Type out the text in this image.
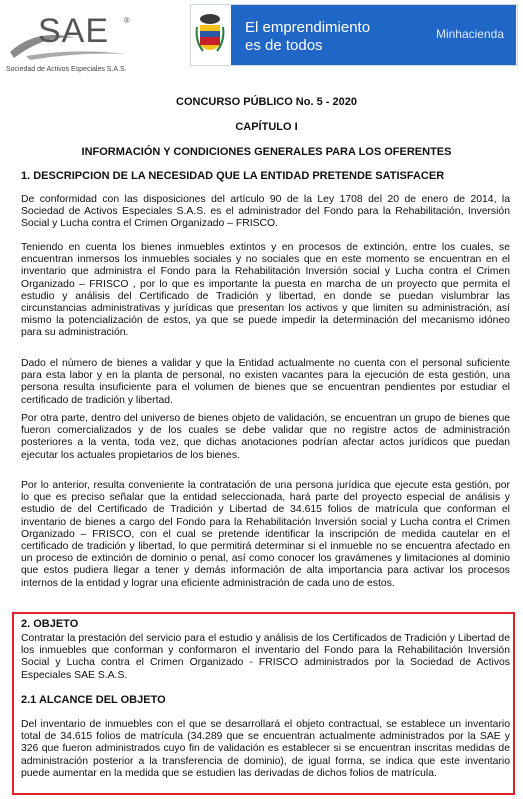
SAE ®
Sociedad de Activos Especiales S.A.S.
El emprendimiento
es de todos
Minhacienda
CONCURSO PÚBLICO No. 5 - 2020
CAPÍTULO I
INFORMACIÓN Y CONDICIONES GENERALES PARA LOS OFERENTES
1. DESCRIPCION DE LA NECESIDAD QUE LA ENTIDAD PRETENDE SATISFACER
De conformidad con las disposiciones del artículo 90 de la Ley 1708 del 20 de enero de 2014, la Sociedad de Activos Especiales S.A.S. es el administrador del Fondo para la Rehabilitación, Inversión Social y Lucha contra el Crimen Organizado – FRISCO.
Teniendo en cuenta los bienes inmuebles extintos y en procesos de extinción, entre los cuales, se encuentran inmersos los inmuebles sociales y no sociales que en este momento se encuentran en el inventario que administra el Fondo para la Rehabilitación Inversión social y Lucha contra el Crimen Organizado – FRISCO , por lo que es importante la puesta en marcha de un proyecto que permita el estudio y análisis del Certificado de Tradición y libertad, en donde se puedan vislumbrar las circunstancias administrativas y jurídicas que presentan los activos y que limiten su administración, así mismo la potencialización de estos, ya que se puede impedir la determinación del mecanismo idóneo para su administración.
Dado el número de bienes a validar y que la Entidad actualmente no cuenta con el personal suficiente para esta labor y en la planta de personal, no existen vacantes para la ejecución de esta gestión, una persona resulta insuficiente para el volumen de bienes que se encuentran pendientes por estudiar el certificado de tradición y libertad.
Por otra parte, dentro del universo de bienes objeto de validación, se encuentran un grupo de bienes que fueron comercializados y de los cuales se debe validar que no registre actos de administración posteriores a la venta, toda vez, que dichas anotaciones podrían afectar actos jurídicos que puedan ejecutar los actuales propietarios de los bienes.
Por lo anterior, resulta conveniente la contratación de una persona jurídica que ejecute esta gestión, por lo que es preciso señalar que la entidad seleccionada, hará parte del proyecto especial de análisis y estudio de del Certificado de Tradición y Libertad de 34.615 folios de matrícula que conforman el inventario de bienes a cargo del Fondo para la Rehabilitación Inversión social y Lucha contra el Crimen Organizado – FRISCO, con el cual se pretende identificar la inscripción de medida cautelar en el certificado de tradición y libertad, lo que permitirá determinar si el inmueble no se encuentra afectado en un proceso de extinción de dominio o penal, así como conocer los gravámenes y limitaciones al dominio que estos pudiera llegar a tener y demás información de alta importancia para activar los procesos internos de la entidad y lograr una eficiente administración de cada uno de estos.
2. OBJETO
Contratar la prestación del servicio para el estudio y análisis de los Certificados de Tradición y Libertad de los inmuebles que conforman y conformaron el inventario del Fondo para la Rehabilitación Inversión Social y Lucha contra el Crimen Organizado - FRISCO administrados por la Sociedad de Activos Especiales SAE S.A.S.
2.1 ALCANCE DEL OBJETO
Del inventario de inmuebles con el que se desarrollará el objeto contractual, se establece un inventario total de 34.615 folios de matrícula (34.289 que se encuentran actualmente administrados por la SAE y 326 que fueron administrados cuyo fin de validación es establecer si se encuentran inscritas medidas de administración posterior a la transferencia de dominio), de igual forma, se indica que este inventario puede aumentar en la medida que se estudien las derivadas de dichos folios de matrícula.
